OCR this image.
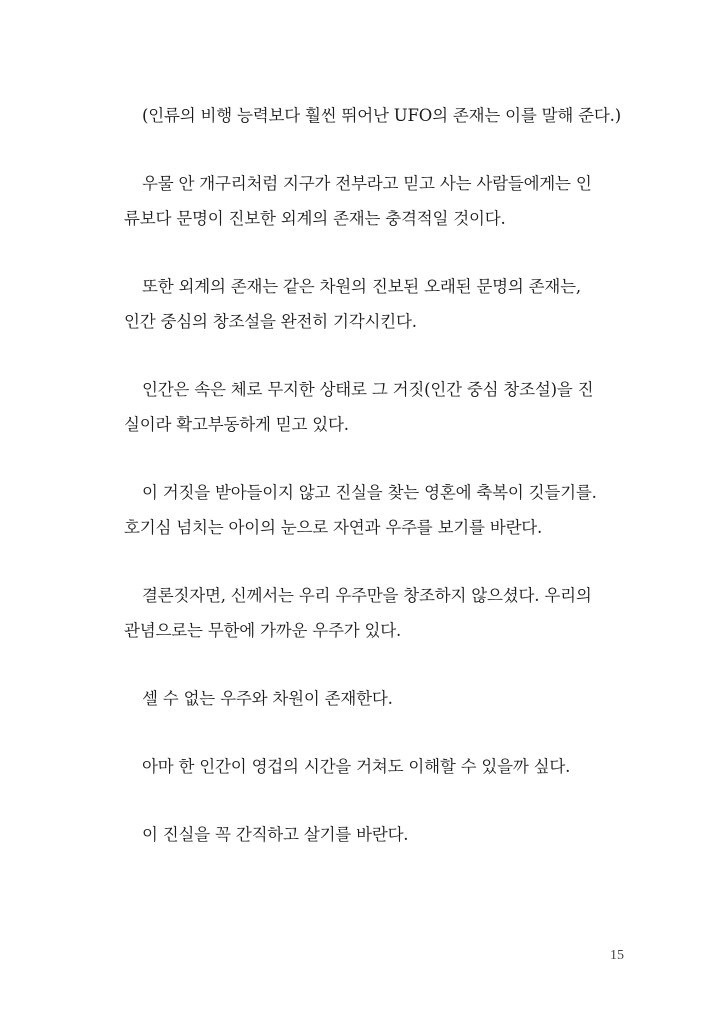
(인류의 비행 능력보다 훨씬 뛰어난 UFO의 존재는 이를 말해 준다.)

우물 안 개구리처럼 지구가 전부라고 믿고 사는 사람들에게는 인
류보다 문명이 진보한 외계의 존재는 충격적일 것이다.

또한 외계의 존재는 같은 차원의 진보된 오래된 문명의 존재는,
인간 중심의 창조설을 완전히 기각시킨다.

인간은 속은 체로 무지한 상태로 그 거짓(인간 중심 창조설)을 진
실이라 확고부동하게 믿고 있다.

이 거짓을 받아들이지 않고 진실을 찾는 영혼에 축복이 깃들기를.
호기심 넘치는 아이의 눈으로 자연과 우주를 보기를 바란다.

결론짓자면, 신께서는 우리 우주만을 창조하지 않으셨다. 우리의
관념으로는 무한에 가까운 우주가 있다.

셀 수 없는 우주와 차원이 존재한다.

아마 한 인간이 영겁의 시간을 거쳐도 이해할 수 있을까 싶다.

이 진실을 꼭 간직하고 살기를 바란다.

15
